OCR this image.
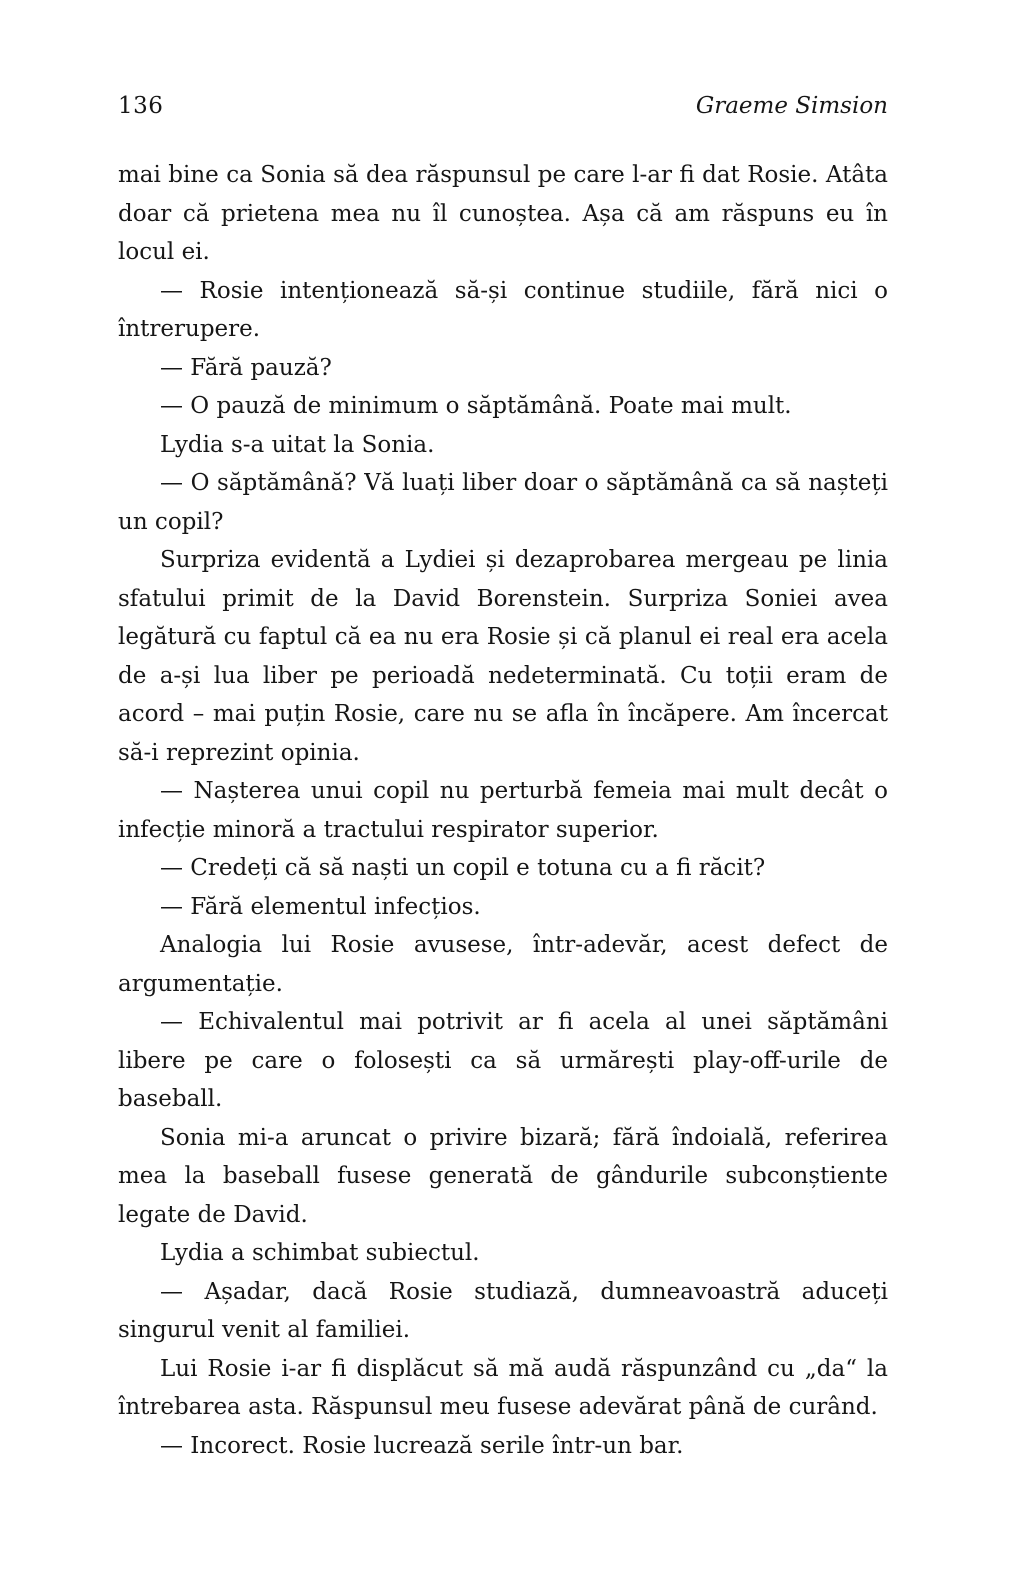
136	Graeme Simsion

mai bine ca Sonia să dea răspunsul pe care l-ar fi dat Rosie. Atâta doar că prietena mea nu îl cunoștea. Așa că am răspuns eu în locul ei.

— Rosie intenționează să-și continue studiile, fără nici o întrerupere.

— Fără pauză?

— O pauză de minimum o săptămână. Poate mai mult.

Lydia s-a uitat la Sonia.

— O săptămână? Vă luați liber doar o săptămână ca să nașteți un copil?

Surpriza evidentă a Lydiei și dezaprobarea mergeau pe linia sfatului primit de la David Borenstein. Surpriza Soniei avea legătură cu faptul că ea nu era Rosie și că planul ei real era acela de a-și lua liber pe perioadă nedeterminată. Cu toții eram de acord – mai puțin Rosie, care nu se afla în încăpere. Am încercat să-i reprezint opinia.

— Nașterea unui copil nu perturbă femeia mai mult decât o infecție minoră a tractului respirator superior.

— Credeți că să naști un copil e totuna cu a fi răcit?

— Fără elementul infecțios.

Analogia lui Rosie avusese, într-adevăr, acest defect de argumentație.

— Echivalentul mai potrivit ar fi acela al unei săptămâni libere pe care o folosești ca să urmărești play-off-urile de baseball.

Sonia mi-a aruncat o privire bizară; fără îndoială, referirea mea la baseball fusese generată de gândurile subconștiente legate de David.

Lydia a schimbat subiectul.

— Așadar, dacă Rosie studiază, dumneavoastră aduceți singurul venit al familiei.

Lui Rosie i-ar fi displăcut să mă audă răspunzând cu „da“ la întrebarea asta. Răspunsul meu fusese adevărat până de curând.

— Incorect. Rosie lucrează serile într-un bar.
